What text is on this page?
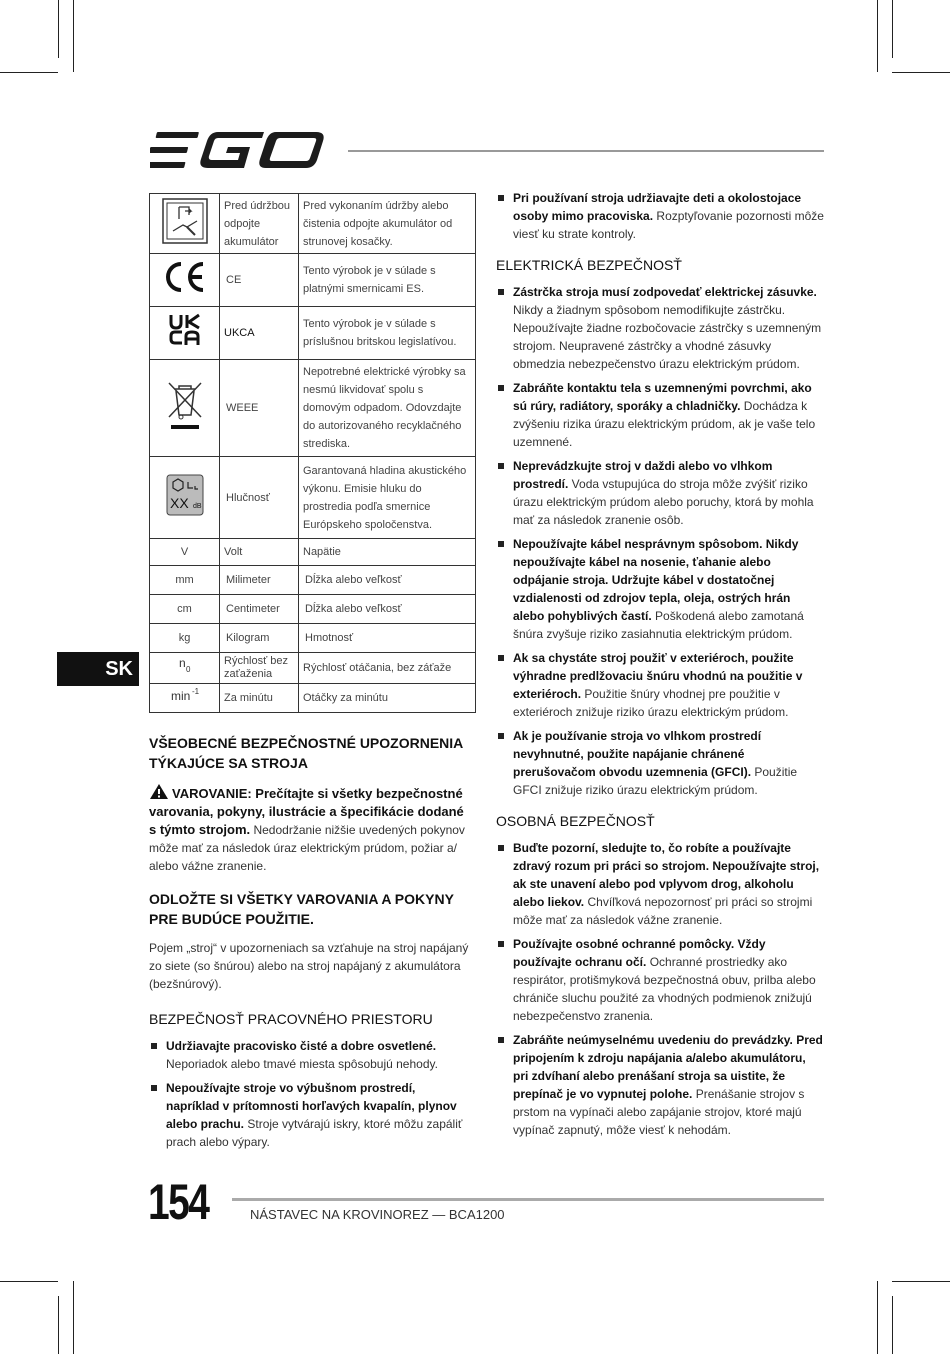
	Pred údržbou odpojte akumulátor	Pred vykonaním údržby alebo čistenia odpojte akumulátor od strunovej kosačky.
	CE	Tento výrobok je v súlade s platnými smernicami ES.
	UKCA	Tento výrobok je v súlade s príslušnou britskou legislatívou.
	WEEE	Nepotrebné elektrické výrobky sa nesmú likvidovať spolu s domovým odpadom. Odovzdajte do autorizovaného recyklačného strediska.

XX dB	Hlučnosť	Garantovaná hladina akustického výkonu. Emisie hluku do prostredia podľa smernice Európskeho spoločenstva.
V	Volt	Napätie
mm	Milimeter	Dĺžka alebo veľkosť
cm	Centimeter	Dĺžka alebo veľkosť
kg	Kilogram	Hmotnosť

n 0	Rýchlosť bez zaťaženia	Rýchlosť otáčania, bez záťaže

min -1	Za minútu	Otáčky za minútu
SK
VŠEOBECNÉ BEZPEČNOSTNÉ UPOZORNENIA TÝKAJÚCE SA STROJA

VAROVANIE: Prečítajte si všetky bezpečnostné varovania, pokyny, ilustrácie a špecifikácie dodané s týmto strojom. Nedodržanie nižšie uvedených pokynov môže mať za následok úraz elektrickým prúdom, požiar a/ alebo vážne zranenie.

ODLOŽTE SI VŠETKY VAROVANIA A POKYNY PRE BUDÚCE POUŽITIE.

Pojem „stroj“ v upozorneniach sa vzťahuje na stroj napájaný zo siete (so šnúrou) alebo na stroj napájaný z akumulátora (bezšnúrový).

BEZPEČNOSŤ PRACOVNÉHO PRIESTORU
Udržiavajte pracovisko čisté a dobre osvetlené. Neporiadok alebo tmavé miesta spôsobujú nehody.
Nepoužívajte stroje vo výbušnom prostredí, napríklad v prítomnosti horľavých kvapalín, plynov alebo prachu. Stroje vytvárajú iskry, ktoré môžu zapáliť prach alebo výpary.
Pri používaní stroja udržiavajte deti a okolostojace osoby mimo pracoviska. Rozptyľovanie pozornosti môže viesť ku strate kontroly.
ELEKTRICKÁ BEZPEČNOSŤ
Zástrčka stroja musí zodpovedať elektrickej zásuvke. Nikdy a žiadnym spôsobom nemodifikujte zástrčku. Nepoužívajte žiadne rozbočovacie zástrčky s uzemneným strojom. Neupravené zástrčky a vhodné zásuvky obmedzia nebezpečenstvo úrazu elektrickým prúdom.
Zabráňte kontaktu tela s uzemnenými povrchmi, ako sú rúry, radiátory, sporáky a chladničky. Dochádza k zvýšeniu rizika úrazu elektrickým prúdom, ak je vaše telo uzemnené.
Neprevádzkujte stroj v daždi alebo vo vlhkom prostredí. Voda vstupujúca do stroja môže zvýšiť riziko úrazu elektrickým prúdom alebo poruchy, ktorá by mohla mať za následok zranenie osôb.
Nepoužívajte kábel nesprávnym spôsobom. Nikdy nepoužívajte kábel na nosenie, ťahanie alebo odpájanie stroja. Udržujte kábel v dostatočnej vzdialenosti od zdrojov tepla, oleja, ostrých hrán alebo pohyblivých častí. Poškodená alebo zamotaná šnúra zvyšuje riziko zasiahnutia elektrickým prúdom.
Ak sa chystáte stroj použiť v exteriéroch, použite výhradne predlžovaciu šnúru vhodnú na použitie v exteriéroch. Použitie šnúry vhodnej pre použitie v exteriéroch znižuje riziko úrazu elektrickým prúdom.
Ak je používanie stroja vo vlhkom prostredí nevyhnutné, použite napájanie chránené prerušovačom obvodu uzemnenia (GFCI). Použitie GFCI znižuje riziko úrazu elektrickým prúdom.
OSOBNÁ BEZPEČNOSŤ
Buďte pozorní, sledujte to, čo robíte a používajte zdravý rozum pri práci so strojom. Nepoužívajte stroj, ak ste unavení alebo pod vplyvom drog, alkoholu alebo liekov. Chvíľková nepozornosť pri práci so strojmi môže mať za následok vážne zranenie.
Používajte osobné ochranné pomôcky. Vždy používajte ochranu očí. Ochranné prostriedky ako respirátor, protišmyková bezpečnostná obuv, prilba alebo chrániče sluchu použité za vhodných podmienok znižujú nebezpečenstvo zranenia.
Zabráňte neúmyselnému uvedeniu do prevádzky. Pred pripojením k zdroju napájania a/alebo akumulátoru, pri zdvíhaní alebo prenášaní stroja sa uistite, že prepínač je vo vypnutej polohe. Prenášanie strojov s prstom na vypínači alebo zapájanie strojov, ktoré majú vypínač zapnutý, môže viesť k nehodám.
154	NÁSTAVEC NA KROVINOREZ — BCA1200
